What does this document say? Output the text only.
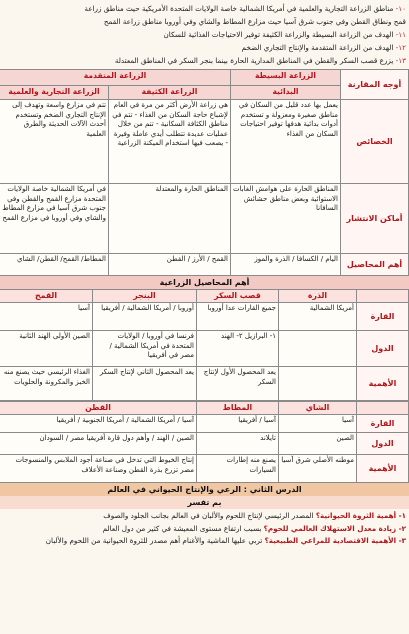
١٠- مناطق الزراعة التجارية والعلمية في أمريكا الشمالية خاصة الولايات المتحدة الأمريكية حيث مناطق زراعة
قمح ونطاق القطن وفي جنوب شرق آسيا حيث مزارع المطاط والشاي وفي أوروبا مناطق زراعة القمح
١١- الهدف من الزراعة البسيطة والزراعة الكثيفة توفير الاحتياجات الغذائية للسكان
١٢- الهدف من الزراعة المتقدمة والإنتاج التجاري الضخم
١٣- يزرع قصب السكر والقطن في المناطق المدارية الحارة بينما بنجر السكر في المناطق المعتدلة
أوجه المقارنة	الزراعة البسيطة	الزراعة المتقدمة	
	البدائية	الزراعة الكثيفة	الزراعة التجارية والعلمية
الخصائص	يعمل بها عدد قليل من السكان في مناطق صغيرة ومعزولة و تستخدم أدوات بدائية هدفها توفير احتياجات السكان من الغذاء	هي زراعة الأرض أكثر من مرة في العام لإشباع حاجة السكان من الغذاء - تتم في مناطق الكثافة السكانية - تتم من خلال عمليات عديدة تتطلب أيدي عاملة وفيرة - يصعب فيها استخدام الميكنة الزراعية	تتم في مزارع واسعة وتهدف إلى الإنتاج التجاري الضخم وتستخدم أحدث الآلات الحديثة والطرق العلمية
أماكن الانتشار	المناطق الحارة على هوامش الغابات الاستوائية وبعض مناطق حشائش السافانا	المناطق الحارة والمعتدلة	في أمريكا الشمالية خاصة الولايات المتحدة مزارع القمح والقطن وفي جنوب شرق آسيا في مزارع المطاط والشاي وفي أوروبا في مزارع القمح
أهم المحاصيل	اليام / الكسافا / الذرة والموز	القمح / الأرز / القطن	المطاط/ القمح/ القطن/ الشاي
أهم المحاصيل الزراعية
	الذرة	قصب السكر	البنجر	القمح
القارة	أمريكا الشمالية	جميع القارات عدا أوروبا	أوروبا / أمريكا الشمالية / أفريقيا	آسيا
الدول		١- البرازيل ٢- الهند	فرنسا في أوروبا / الولايات المتحدة في أمريكا الشمالية / مصر في أفريقيا	الصين الأولى الهند الثانية
الأهمية		يعد المحصول الأول لإنتاج السكر	يعد المحصول الثاني لإنتاج السكر	الغذاء الرئيسي حيث يصنع منه الخبز والمكرونة والحلويات
	الشاي	المطاط	القطن
القارة	آسيا	آسيا / أفريقيا	آسيا / أمريكا الشمالية / أمريكا الجنوبية / أفريقيا
الدول	الصين	تايلاند	الصين / الهند / وأهم دول قارة أفريقيا مصر / السودان
الأهمية	موطنه الأصلي شرق آسيا	يصنع منه إطارات السيارات	إنتاج الخيوط التي تدخل في صناعة أجود الملابس والمنسوجات مصر تزرع بذرة القطن وصناعة الأعلاف
الدرس الثاني : الرعي والإنتاج الحيواني في العالم
بم تفسر
١- أهمية الثروة الحيوانية؟ المصدر الرئيسي لإنتاج اللحوم والألبان في العالم بجانب الجلود والصوف
٢- زيادة معدل الاستهلاك العالمي للحوم؟ بسبب ارتفاع مستوى المعيشة في كثير من دول العالم
٣- الأهمية الاقتصادية للمراعي الطبيعية؟ تربي عليها الماشية والأغنام أهم مصدر للثروة الحيوانية من اللحوم والألبان
